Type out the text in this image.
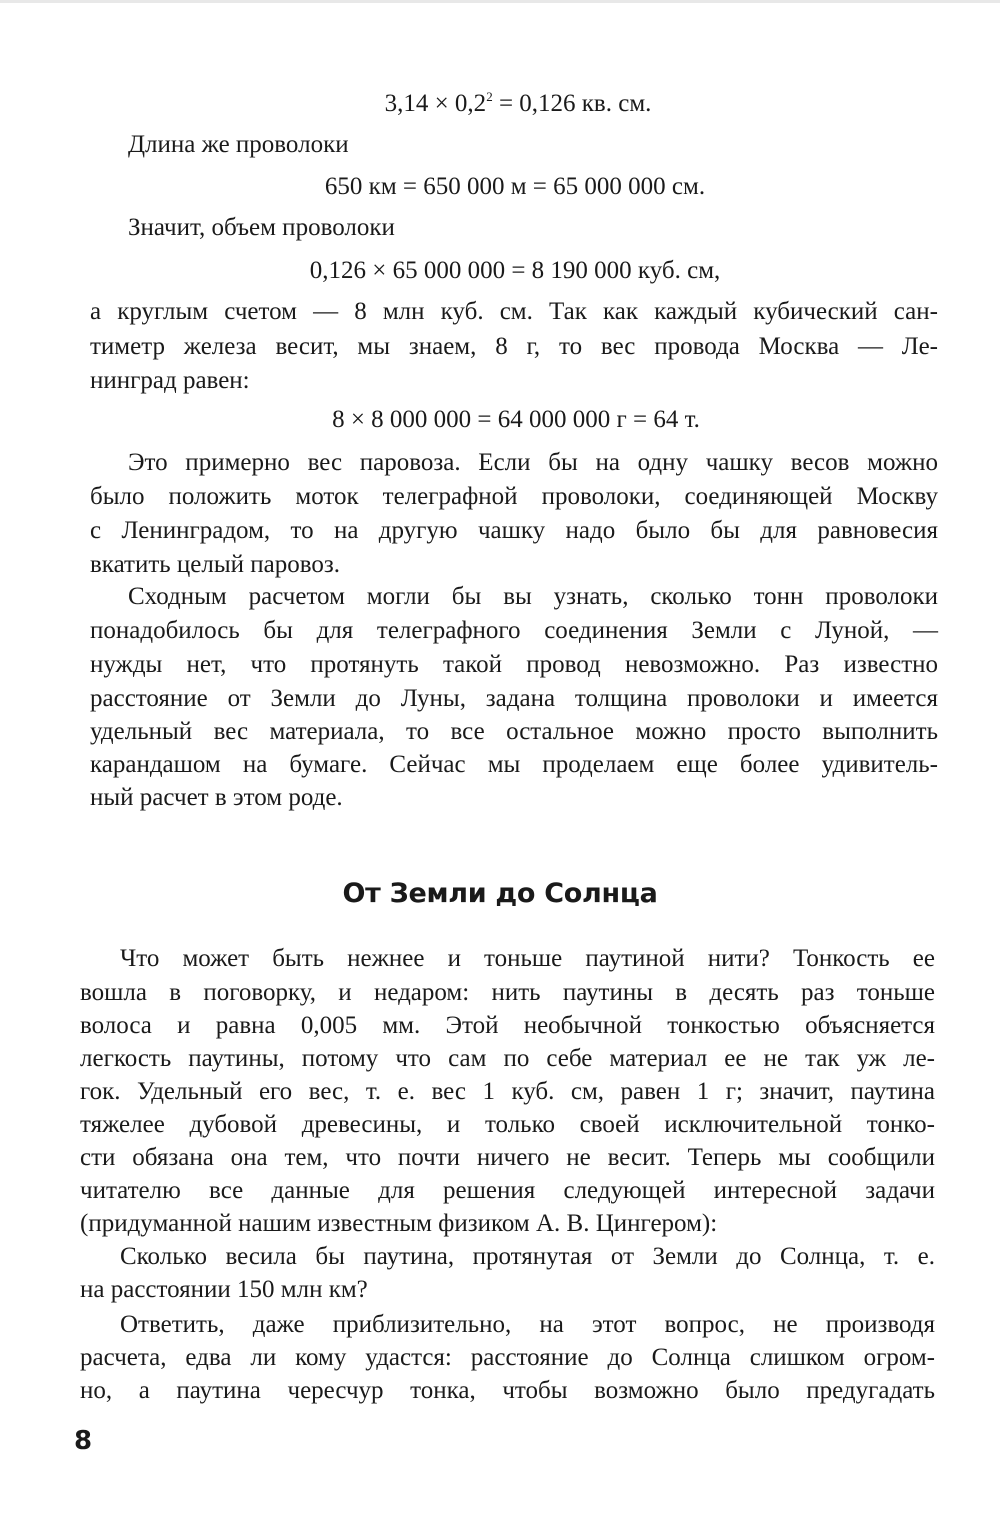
$3,14 \times 0,2^2 = 0,126$ кв. см.

Длина же проволоки

650 км = 650 000 м = 65 000 000 см.

Значит, объем проволоки

0,126 × 65 000 000 = 8 190 000 куб. см,

а круглым счетом — 8 млн куб. см. Так как каждый кубический сан-

тиметр железа весит, мы знаем, 8 г, то вес провода Москва — Ле-

нинград равен:

8 × 8 000 000 = 64 000 000 г = 64 т.

Это примерно вес паровоза. Если бы на одну чашку весов можно

было положить моток телеграфной проволоки, соединяющей Москву

с Ленинградом, то на другую чашку надо было бы для равновесия

вкатить целый паровоз.

Сходным расчетом могли бы вы узнать, сколько тонн проволоки

понадобилось бы для телеграфного соединения Земли с Луной, —

нужды нет, что протянуть такой провод невозможно. Раз известно

расстояние от Земли до Луны, задана толщина проволоки и имеется

удельный вес материала, то все остальное можно просто выполнить

карандашом на бумаге. Сейчас мы проделаем еще более удивитель-

ный расчет в этом роде.

От Земли до Солнца

Что может быть нежнее и тоньше паутиной нити? Тонкость ее

вошла в поговорку, и недаром: нить паутины в десять раз тоньше

волоса и равна 0,005 мм. Этой необычной тонкостью объясняется

легкость паутины, потому что сам по себе материал ее не так уж ле-

гок. Удельный его вес, т. е. вес 1 куб. см, равен 1 г; значит, паутина

тяжелее дубовой древесины, и только своей исключительной тонко-

сти обязана она тем, что почти ничего не весит. Теперь мы сообщили

читателю все данные для решения следующей интересной задачи

(придуманной нашим известным физиком А. В. Цингером):

Сколько весила бы паутина, протянутая от Земли до Солнца, т. е.

на расстоянии 150 млн км?

Ответить, даже приблизительно, на этот вопрос, не производя

расчета, едва ли кому удастся: расстояние до Солнца слишком огром-

но, а паутина чересчур тонка, чтобы возможно было предугадать

8
